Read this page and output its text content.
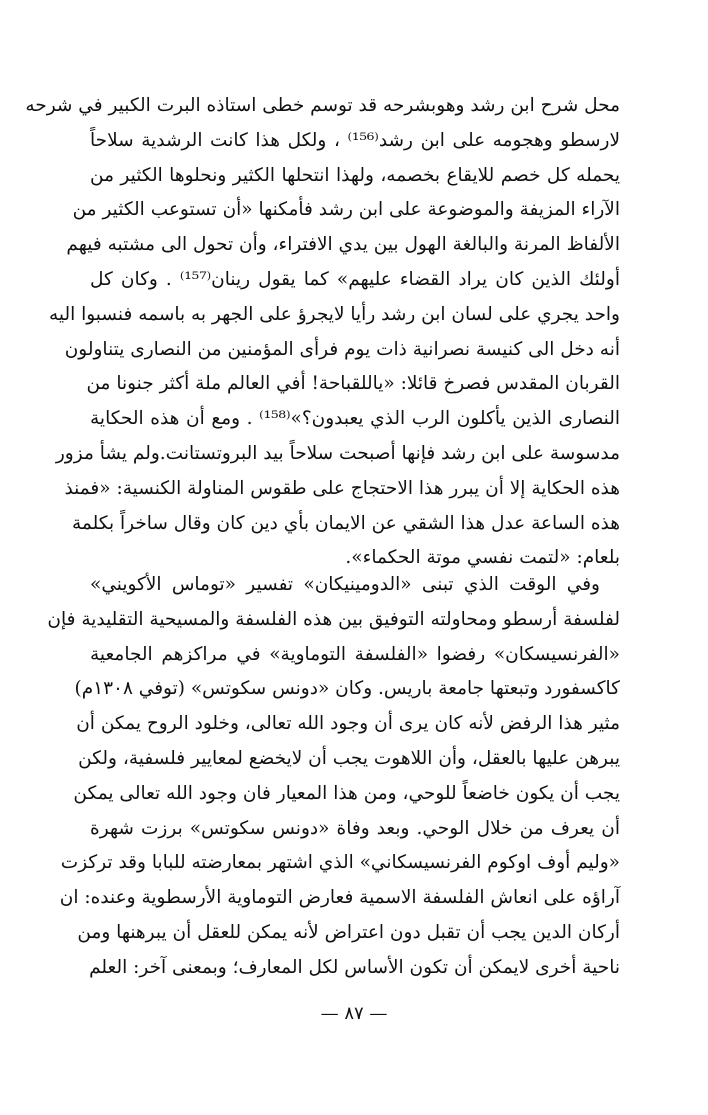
محل شرح ابن رشد وهوبشرحه قد توسم خطى استاذه البرت الكبير في شرحه
لارسطو وهجومه على ابن رشد⁽¹⁵⁶⁾ ، ولكل هذا كانت الرشدية سلاحاً
يحمله كل خصم للايقاع بخصمه، ولهذا انتحلها الكثير ونحلوها الكثير من
الآراء المزيفة والموضوعة على ابن رشد فأمكنها «أن تستوعب الكثير من
الألفاظ المرنة والبالغة الهول بين يدي الافتراء، وأن تحول الى مشتبه فيهم
أولئك الذين كان يراد القضاء عليهم» كما يقول رينان⁽¹⁵⁷⁾ . وكان كل
واحد يجري على لسان ابن رشد رأيا لايجرؤ على الجهر به باسمه فنسبوا اليه
أنه دخل الى كنيسة نصرانية ذات يوم فرأى المؤمنين من النصارى يتناولون
القربان المقدس فصرخ قائلا: «ياللقباحة! أفي العالم ملة أكثر جنونا من
النصارى الذين يأكلون الرب الذي يعبدون؟»⁽¹⁵⁸⁾ . ومع أن هذه الحكاية
مدسوسة على ابن رشد فإنها أصبحت سلاحاً بيد البروتستانت.ولم يشأ مزور
هذه الحكاية إلا أن يبرر هذا الاحتجاج على طقوس المناولة الكنسية: «فمنذ
هذه الساعة عدل هذا الشقي عن الايمان بأي دين كان وقال ساخراً بكلمة
بلعام: «لتمت نفسي موتة الحكماء».
وفي الوقت الذي تبنى «الدومينيكان» تفسير «توماس الأكويني»
لفلسفة أرسطو ومحاولته التوفيق بين هذه الفلسفة والمسيحية التقليدية فإن
«الفرنسيسكان» رفضوا «الفلسفة التوماوية» في مراكزهم الجامعية
كاكسفورد وتبعتها جامعة باريس. وكان «دونس سكوتس» (توفي ١٣٠٨م)
مثير هذا الرفض لأنه كان يرى أن وجود الله تعالى، وخلود الروح يمكن أن
يبرهن عليها بالعقل، وأن اللاهوت يجب أن لايخضع لمعايير فلسفية، ولكن
يجب أن يكون خاضعاً للوحي، ومن هذا المعيار فان وجود الله تعالى يمكن
أن يعرف من خلال الوحي. وبعد وفاة «دونس سكوتس» برزت شهرة
«وليم أوف اوكوم الفرنسيسكاني» الذي اشتهر بمعارضته للبابا وقد تركزت
آراؤه على انعاش الفلسفة الاسمية فعارض التوماوية الأرسطوية وعنده: ان
أركان الدين يجب أن تقبل دون اعتراض لأنه يمكن للعقل أن يبرهنها ومن
ناحية أخرى لايمكن أن تكون الأساس لكل المعارف؛ وبمعنى آخر: العلم
— ٨٧ —
